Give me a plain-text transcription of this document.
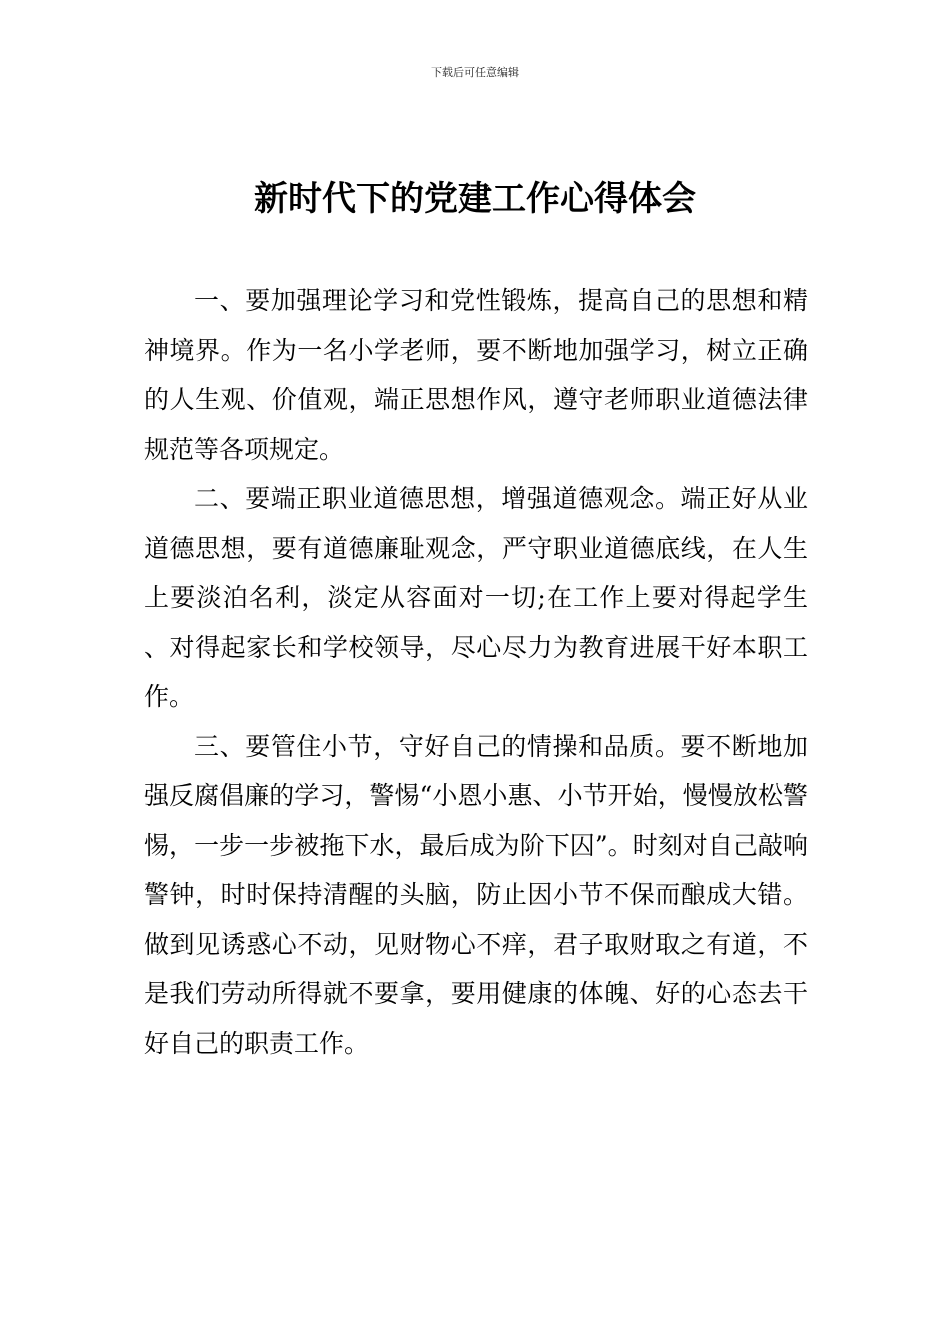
下载后可任意编辑
新时代下的党建工作心得体会

一、要加强理论学习和党性锻炼，提高自己的思想和精神境界。作为一名小学老师，要不断地加强学习，树立正确的人生观、价值观，端正思想作风，遵守老师职业道德法律规范等各项规定。

二、要端正职业道德思想，增强道德观念。端正好从业道德思想，要有道德廉耻观念，严守职业道德底线，在人生上要淡泊名利，淡定从容面对一切;在工作上要对得起学生 、对得起家长和学校领导，尽心尽力为教育进展干好本职工作。

三、要管住小节，守好自己的情操和品质。要不断地加强反腐倡廉的学习，警惕“小恩小惠、小节开始，慢慢放松警惕，一步一步被拖下水，最后成为阶下囚”。时刻对自己敲响警钟，时时保持清醒的头脑，防止因小节不保而酿成大错。做到见诱惑心不动，见财物心不痒，君子取财取之有道，不是我们劳动所得就不要拿，要用健康的体魄、好的心态去干好自己的职责工作。
